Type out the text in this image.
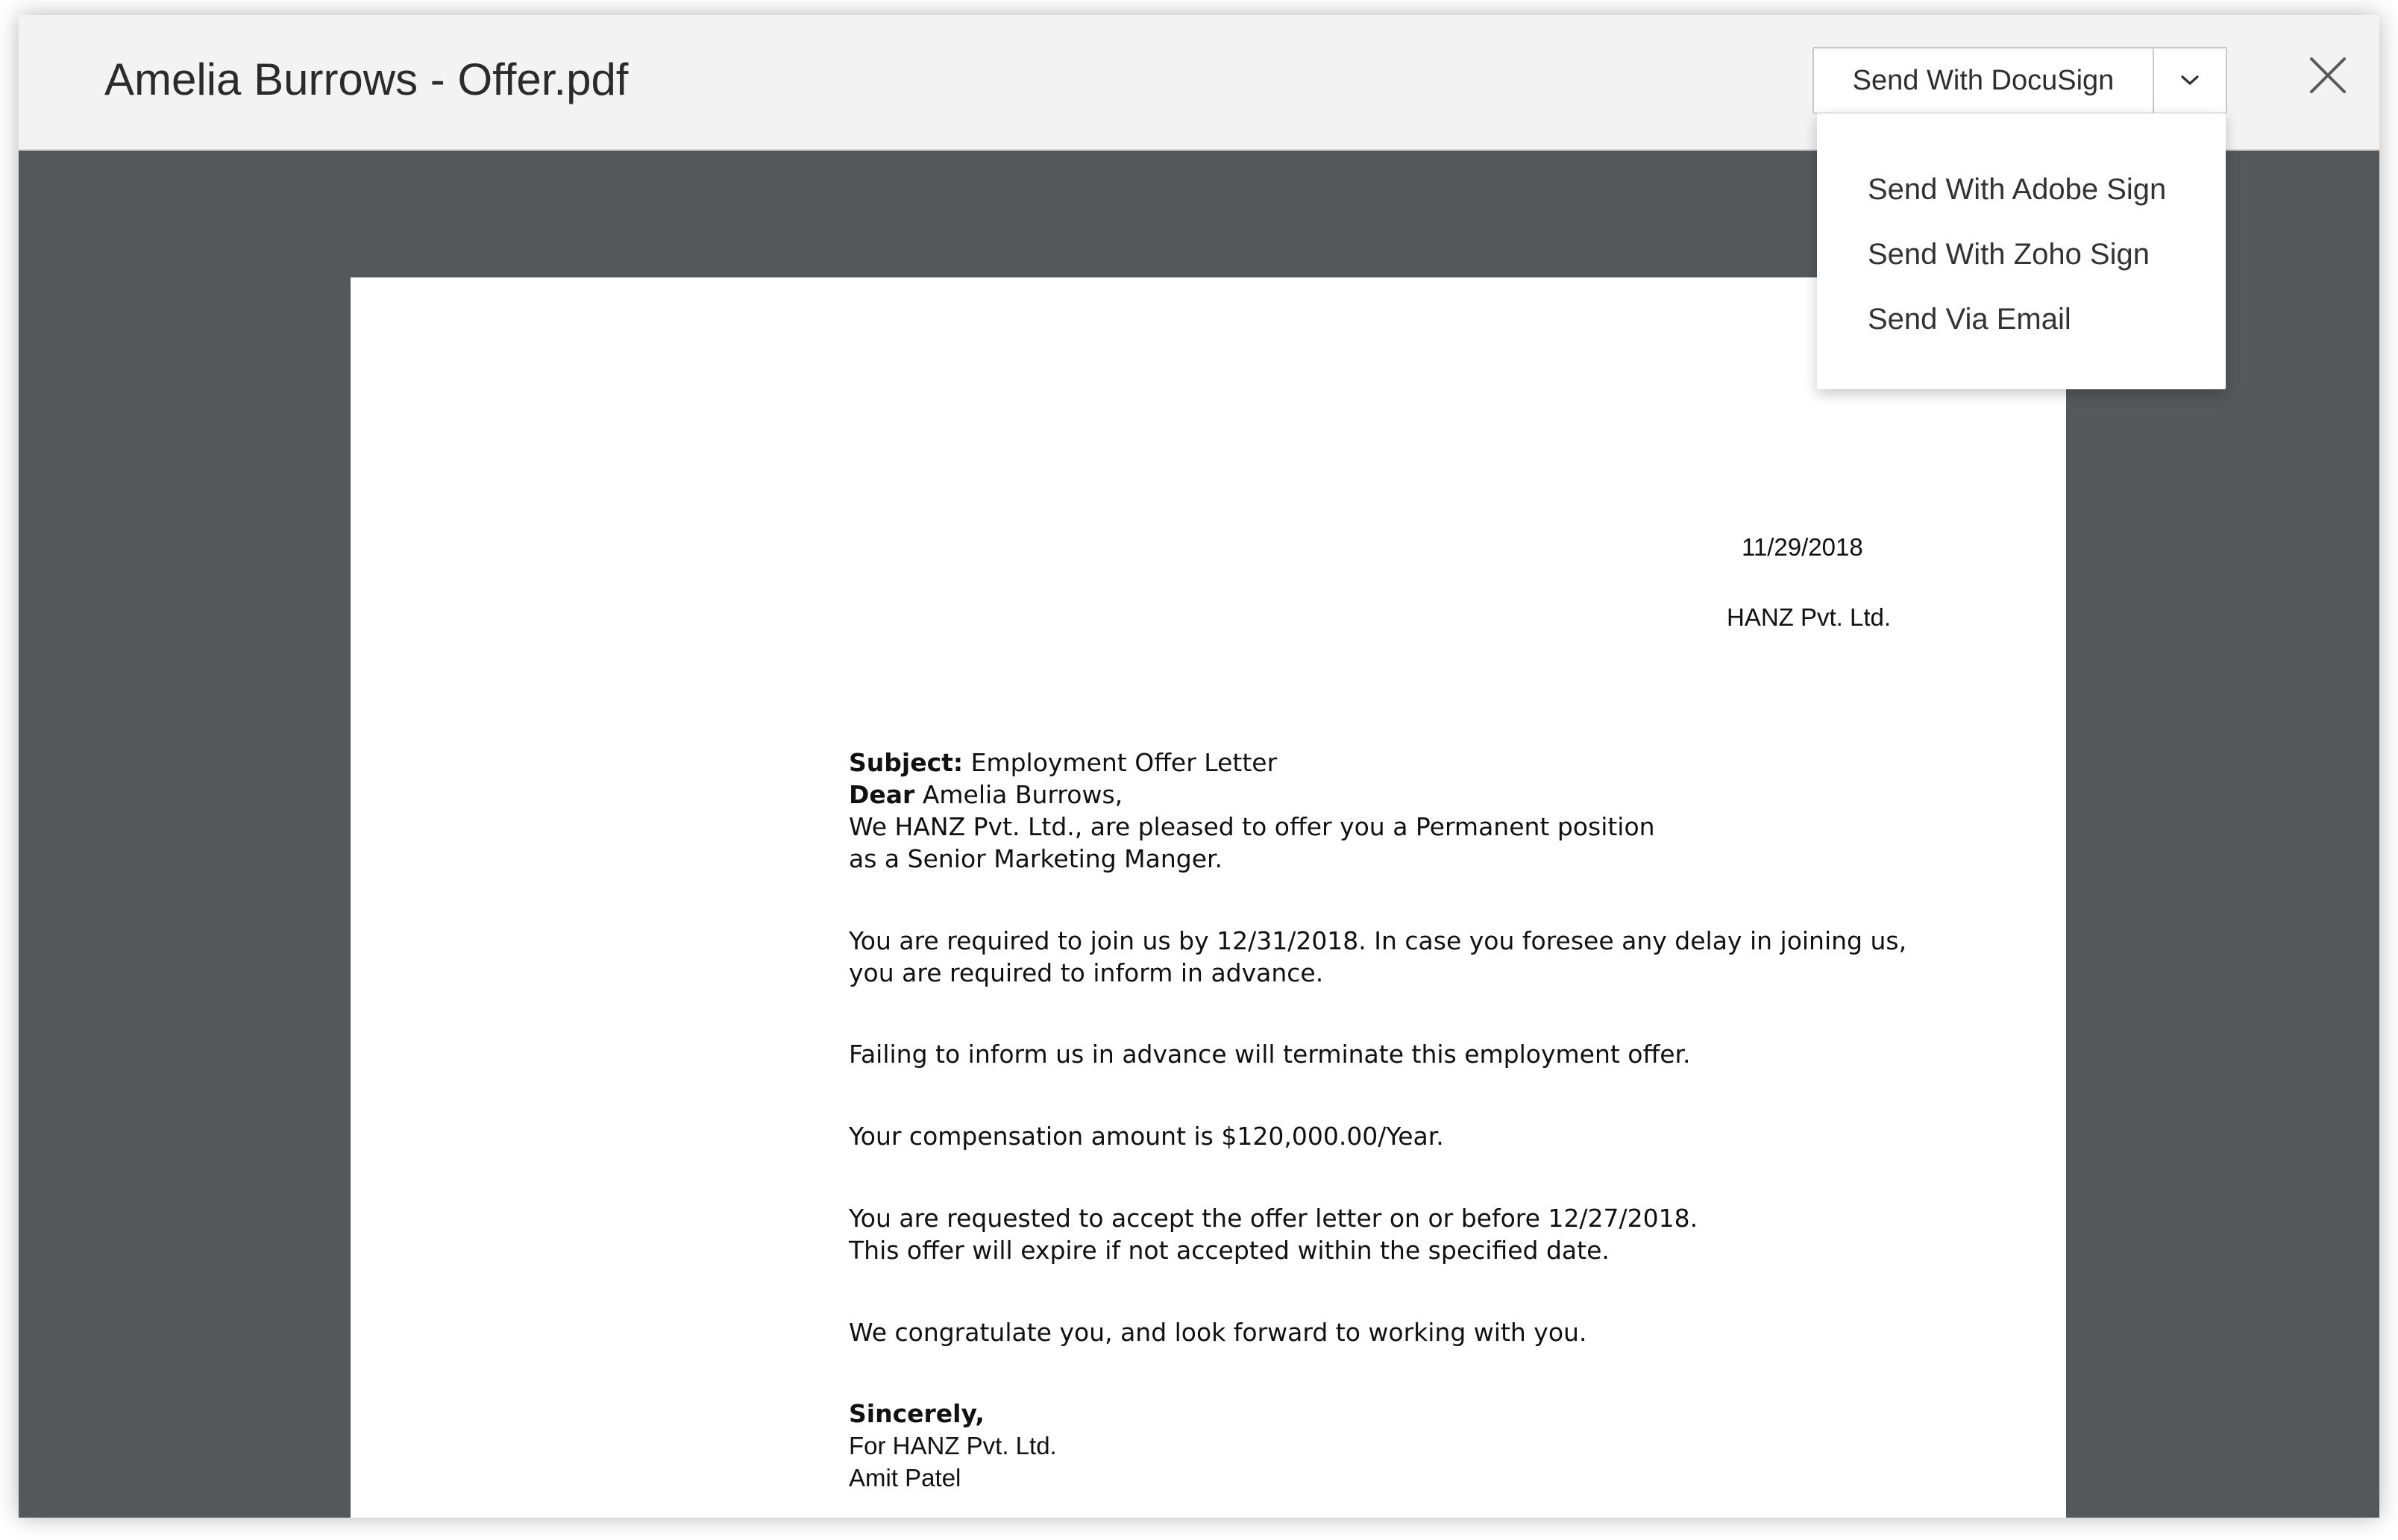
Amelia Burrows - Offer.pdf	Send With DocuSign
11/29/2018
HANZ Pvt. Ltd.
Subject: Employment Offer Letter
Dear Amelia Burrows,
We HANZ Pvt. Ltd., are pleased to offer you a Permanent position
as a Senior Marketing Manger.
You are required to join us by 12/31/2018. In case you foresee any delay in joining us,
you are required to inform in advance.
Failing to inform us in advance will terminate this employment offer.
Your compensation amount is $120,000.00/Year.
You are requested to accept the offer letter on or before 12/27/2018.
This offer will expire if not accepted within the specified date.
We congratulate you, and look forward to working with you.
Sincerely,
For HANZ Pvt. Ltd.
Amit Patel
Send With Adobe Sign
Send With Zoho Sign
Send Via Email
